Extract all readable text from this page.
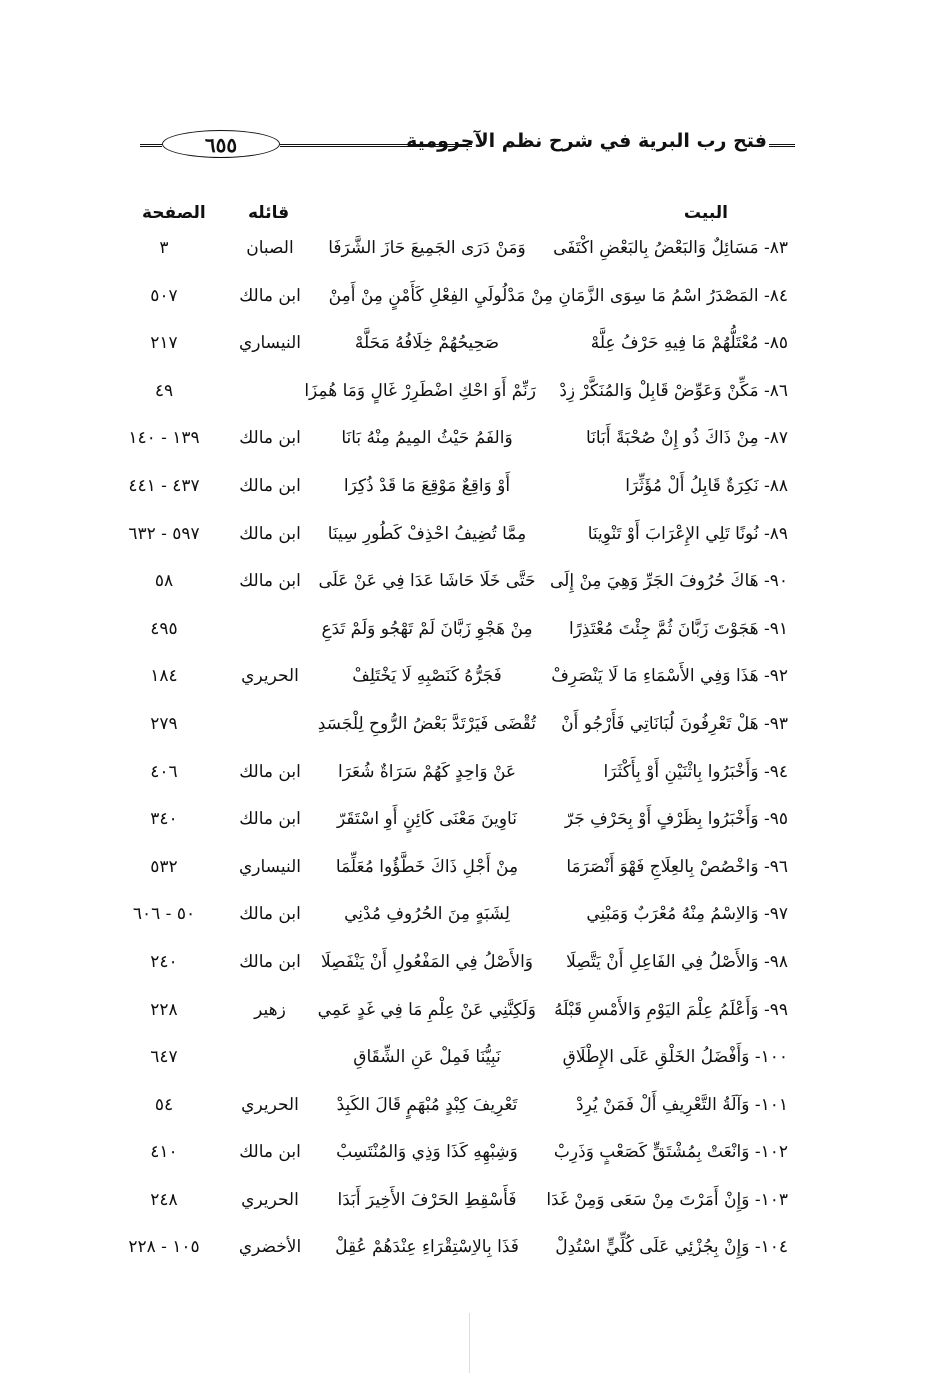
فتح رب البرية في شرح نظم الآجرومية
٦٥٥
البيت
قائله
الصفحة
٨٣- مَسَائِلٌ وَالبَعْضُ بِالبَعْضِ اكْتَفَى
وَمَنْ دَرَى الجَمِيعَ حَازَ الشَّرَفَا
الصبان
٣
٨٤- المَصْدَرُ اسْمُ مَا سِوَى الزَّمَانِ مِنْ
مَدْلُولَيِ الفِعْلِ كَأَمْنٍ مِنْ أَمِنْ
ابن مالك
٥٠٧
٨٥- مُعْتَلُّهُمْ مَا فِيهِ حَرْفُ عِلَّهْ
صَحِيحُهُمْ خِلَافُهُ مَحَلَّهْ
النيساري
٢١٧
٨٦- مَكِّنْ وَعَوِّضْ قَابِلْ وَالمُنَكَّرْ زِدْ
رَنِّمْ أَوَ احْكِ اضْطَرِرْ غَالٍ وَمَا هُمِزَا
٤٩
٨٧- مِنْ ذَاكَ ذُو إِنْ صُحْبَةً أَبَانَا
وَالفَمُ حَيْثُ المِيمُ مِنْهُ بَانَا
ابن مالك
١٣٩ - ١٤٠
٨٨- نَكِرَةٌ قَابِلُ أَلْ مُؤَثِّرَا
أَوْ وَاقِعٌ مَوْقِعَ مَا قَدْ ذُكِرَا
ابن مالك
٤٣٧ - ٤٤١
٨٩- نُونًا تَلِي الإِعْرَابَ أَوْ تَنْوِينَا
مِمَّا تُضِيفُ احْذِفْ كَطُورِ سِينَا
ابن مالك
٥٩٧ - ٦٣٢
٩٠- هَاكَ حُرُوفَ الجَرِّ وَهِيَ مِنْ إِلَى
حَتَّى خَلَا حَاشَا عَدَا فِي عَنْ عَلَى
ابن مالك
٥٨
٩١- هَجَوْتَ زَبَّانَ ثُمَّ جِئْتَ مُعْتَذِرًا
مِنْ هَجْوِ زَبَّانَ لَمْ تَهْجُو وَلَمْ تَدَعِ
٤٩٥
٩٢- هَذَا وَفِي الأَسْمَاءِ مَا لَا يَنْصَرِفْ
فَجَرُّهُ كَنَصْبِهِ لَا يَخْتَلِفْ
الحريري
١٨٤
٩٣- هَلْ تَعْرِفُونَ لُبَانَاتِي فَأَرْجُو أَنْ
تُقْضَى فَيَرْتَدَّ بَعْضُ الرُّوحِ لِلْجَسَدِ
٢٧٩
٩٤- وَأَخْبَرُوا بِاثْنَيْنِ أَوْ بِأَكْثَرَا
عَنْ وَاحِدٍ كَهُمْ سَرَاةٌ شُعَرَا
ابن مالك
٤٠٦
٩٥- وَأَخْبَرُوا بِظَرْفٍ أَوْ بِحَرْفِ جَرّ
نَاوِينَ مَعْنَى كَائِنٍ أَوِ اسْتَقَرّ
ابن مالك
٣٤٠
٩٦- وَاخْصُصْ بِالعِلَاجِ فَهْوَ أَنْصَرَمَا
مِنْ أَجْلِ ذَاكَ خَطَّؤُوا مُعَلِّمَا
النيساري
٥٣٢
٩٧- وَالاِسْمُ مِنْهُ مُعْرَبٌ وَمَبْنِي
لِشَبَهٍ مِنَ الحُرُوفِ مُدْنِي
ابن مالك
٥٠ - ٦٠٦
٩٨- وَالأَصْلُ فِي الفَاعِلِ أَنْ يَتَّصِلَا
وَالأَصْلُ فِي المَفْعُولِ أَنْ يَنْفَصِلَا
ابن مالك
٢٤٠
٩٩- وَأَعْلَمُ عِلْمَ اليَوْمِ وَالأَمْسِ قَبْلَهُ
وَلَكِنَّنِي عَنْ عِلْمِ مَا فِي غَدٍ عَمِي
زهير
٢٢٨
١٠٠- وَأَفْضَلُ الخَلْقِ عَلَى الإِطْلَاقِ
نَبِيُّنَا فَمِلْ عَنِ الشِّقَاقِ
٦٤٧
١٠١- وَآلَةُ التَّعْرِيفِ أَلْ فَمَنْ يُرِدْ
تَعْرِيفَ كِبْدٍ مُبْهَمٍ قَالَ الكَبِدْ
الحريري
٥٤
١٠٢- وَانْعَتْ بِمُشْتَقٍّ كَصَعْبٍ وَذَرِبْ
وَشِبْهِهِ كَذَا وَذِي وَالمُنْتَسِبْ
ابن مالك
٤١٠
١٠٣- وَإِنْ أَمَرْتَ مِنْ سَعَى وَمِنْ غَدَا
فَأَسْقِطِ الحَرْفَ الأَخِيرَ أَبَدَا
الحريري
٢٤٨
١٠٤- وَإِنْ بِجُزْئِي عَلَى كُلِّيٍّ اسْتُدِلْ
فَذَا بِالاِسْتِقْرَاءِ عِنْدَهُمْ عُقِلْ
الأخضري
١٠٥ - ٢٢٨
